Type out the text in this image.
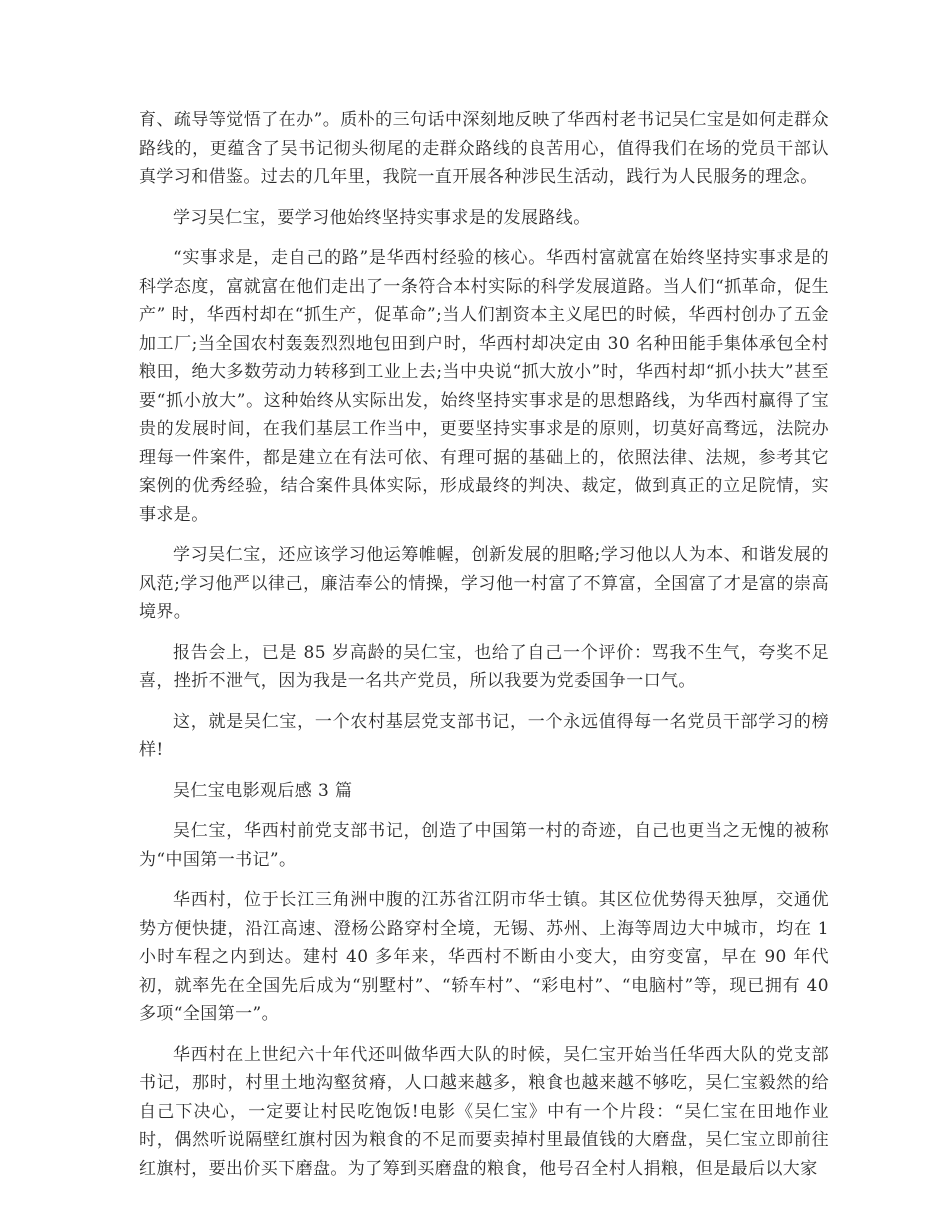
育、疏导等觉悟了在办”。质朴的三句话中深刻地反映了华西村老书记吴仁宝是如何走群众路线的，更蕴含了吴书记彻头彻尾的走群众路线的良苦用心，值得我们在场的党员干部认真学习和借鉴。过去的几年里，我院一直开展各种涉民生活动，践行为人民服务的理念。

学习吴仁宝，要学习他始终坚持实事求是的发展路线。

“实事求是，走自己的路”是华西村经验的核心。华西村富就富在始终坚持实事求是的科学态度，富就富在他们走出了一条符合本村实际的科学发展道路。当人们“抓革命，促生产” 时，华西村却在“抓生产，促革命”;当人们割资本主义尾巴的时候，华西村创办了五金加工厂;当全国农村轰轰烈烈地包田到户时，华西村却决定由 30 名种田能手集体承包全村粮田，绝大多数劳动力转移到工业上去;当中央说“抓大放小”时，华西村却“抓小扶大”甚至要“抓小放大”。这种始终从实际出发，始终坚持实事求是的思想路线，为华西村赢得了宝贵的发展时间，在我们基层工作当中，更要坚持实事求是的原则，切莫好高骛远，法院办理每一件案件，都是建立在有法可依、有理可据的基础上的，依照法律、法规，参考其它案例的优秀经验，结合案件具体实际，形成最终的判决、裁定，做到真正的立足院情，实事求是。

学习吴仁宝，还应该学习他运筹帷幄，创新发展的胆略;学习他以人为本、和谐发展的风范;学习他严以律己，廉洁奉公的情操，学习他一村富了不算富，全国富了才是富的崇高境界。

报告会上，已是 85 岁高龄的吴仁宝，也给了自己一个评价：骂我不生气，夸奖不足喜，挫折不泄气，因为我是一名共产党员，所以我要为党委国争一口气。

这，就是吴仁宝，一个农村基层党支部书记，一个永远值得每一名党员干部学习的榜样!

吴仁宝电影观后感 3 篇

吴仁宝，华西村前党支部书记，创造了中国第一村的奇迹，自己也更当之无愧的被称为“中国第一书记”。

华西村，位于长江三角洲中腹的江苏省江阴市华士镇。其区位优势得天独厚，交通优势方便快捷，沿江高速、澄杨公路穿村全境，无锡、苏州、上海等周边大中城市，均在 1 小时车程之内到达。建村 40 多年来，华西村不断由小变大，由穷变富，早在 90 年代初，就率先在全国先后成为“别墅村”、“轿车村”、“彩电村”、“电脑村”等，现已拥有 40 多项“全国第一”。

华西村在上世纪六十年代还叫做华西大队的时候，吴仁宝开始当任华西大队的党支部书记，那时，村里土地沟壑贫瘠，人口越来越多，粮食也越来越不够吃，吴仁宝毅然的给自己下决心，一定要让村民吃饱饭!电影《吴仁宝》中有一个片段：“吴仁宝在田地作业时，偶然听说隔壁红旗村因为粮食的不足而要卖掉村里最值钱的大磨盘，吴仁宝立即前往红旗村，要出价买下磨盘。为了筹到买磨盘的粮食，他号召全村人捐粮，但是最后以大家
